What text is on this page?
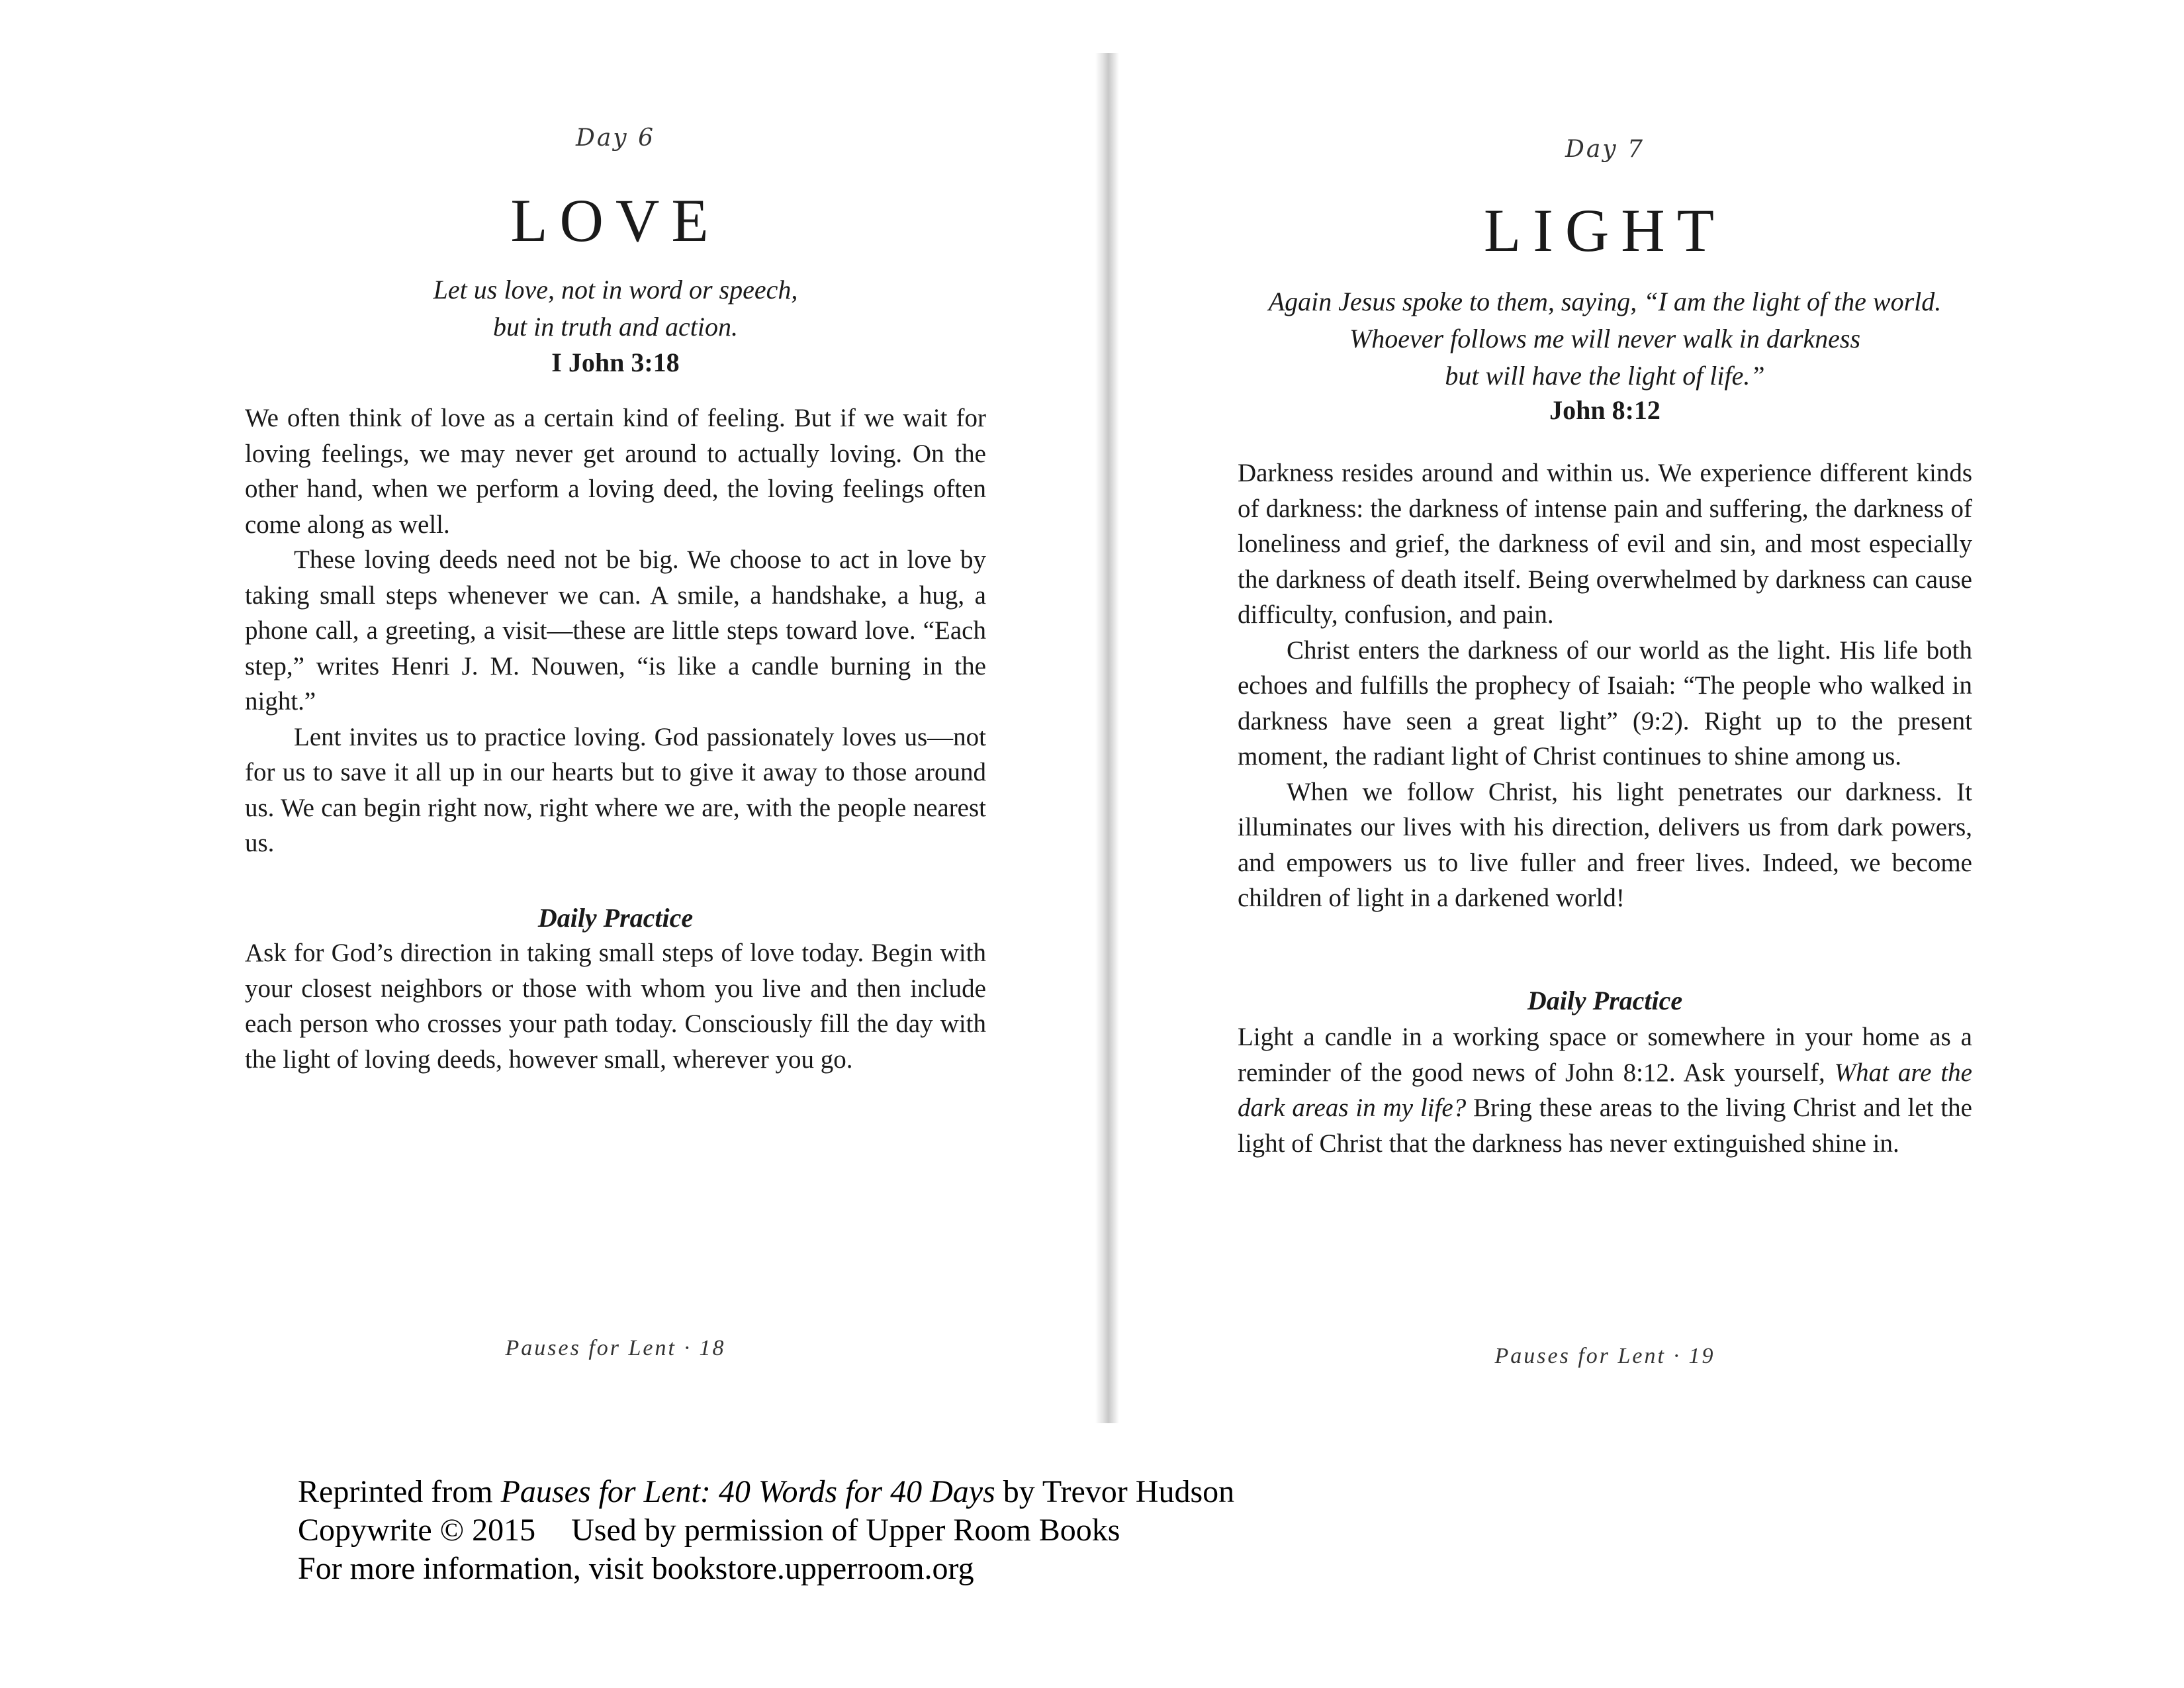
Day 6
LOVE
Let us love, not in word or speech,
but in truth and action.
I John 3:18

We often think of love as a certain kind of feeling. But if we wait for loving feelings, we may never get around to actually loving. On the other hand, when we perform a loving deed, the loving feelings often come along as well.

These loving deeds need not be big. We choose to act in love by taking small steps whenever we can. A smile, a handshake, a hug, a phone call, a greeting, a visit—these are little steps toward love. “Each step,” writes Henri J. M. Nouwen, “is like a candle burning in the night.”

Lent invites us to practice loving. God passionately loves us—not for us to save it all up in our hearts but to give it away to those around us. We can begin right now, right where we are, with the people nearest us.

Daily Practice
Ask for God’s direction in taking small steps of love today. Begin with your closest neighbors or those with whom you live and then include each person who crosses your path today. Consciously fill the day with the light of loving deeds, however small, wherever you go.
Pauses for Lent · 18
Day 7
LIGHT
Again Jesus spoke to them, saying, “I am the light of the world.
Whoever follows me will never walk in darkness
but will have the light of life.”
John 8:12

Darkness resides around and within us. We experience different kinds of darkness: the darkness of intense pain and suffering, the darkness of loneliness and grief, the darkness of evil and sin, and most especially the darkness of death itself. Being overwhelmed by darkness can cause difficulty, confusion, and pain.

Christ enters the darkness of our world as the light. His life both echoes and fulfills the prophecy of Isaiah: “The people who walked in darkness have seen a great light” (9:2). Right up to the present moment, the radiant light of Christ continues to shine among us.

When we follow Christ, his light penetrates our darkness. It illuminates our lives with his direction, delivers us from dark powers, and empowers us to live fuller and freer lives. Indeed, we become children of light in a darkened world!

Daily Practice
Light a candle in a working space or somewhere in your home as a reminder of the good news of John 8:12. Ask yourself, What are the dark areas in my life? Bring these areas to the living Christ and let the light of Christ that the darkness has never extinguished shine in.
Pauses for Lent · 19
Reprinted from Pauses for Lent: 40 Words for 40 Days by Trevor Hudson
Copywrite © 2015 Used by permission of Upper Room Books
For more information, visit bookstore.upperroom.org
